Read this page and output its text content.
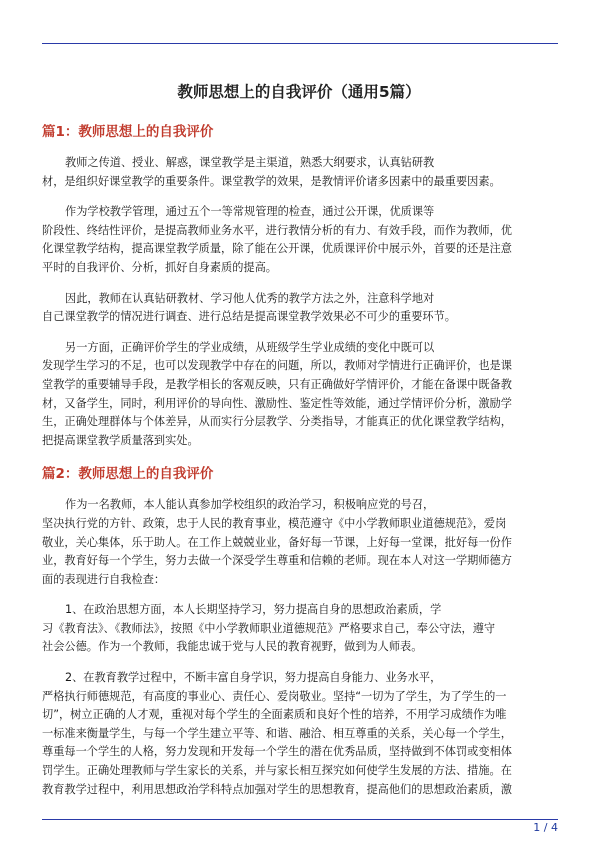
教师思想上的自我评价（通用5篇）
篇1：教师思想上的自我评价

教师之传道、授业、解惑，课堂教学是主渠道，熟悉大纲要求，认真钻研教
材，是组织好课堂教学的重要条件。课堂教学的效果，是教情评价诸多因素中的最重要因素。

作为学校教学管理，通过五个一等常规管理的检查，通过公开课，优质课等
阶段性、终结性评价，是提高教师业务水平，进行教情分析的有力、有效手段，而作为教师，优
化课堂教学结构，提高课堂教学质量，除了能在公开课，优质课评价中展示外，首要的还是注意
平时的自我评价、分析，抓好自身素质的提高。

因此，教师在认真钻研教材、学习他人优秀的教学方法之外，注意科学地对
自己课堂教学的情况进行调查、进行总结是提高课堂教学效果必不可少的重要环节。

另一方面，正确评价学生的学业成绩，从班级学生学业成绩的变化中既可以
发现学生学习的不足，也可以发现教学中存在的问题，所以，教师对学情进行正确评价，也是课
堂教学的重要辅导手段，是教学相长的客观反映，只有正确做好学情评价，才能在备课中既备教
材，又备学生，同时，利用评价的导向性、激励性、鉴定性等效能，通过学情评价分析，激励学
生，正确处理群体与个体差异，从而实行分层教学、分类指导，才能真正的优化课堂教学结构，
把提高课堂教学质量落到实处。

篇2：教师思想上的自我评价

作为一名教师，本人能认真参加学校组织的政治学习，积极响应党的号召，
坚决执行党的方针、政策，忠于人民的教育事业，模范遵守《中小学教师职业道德规范》，爱岗
敬业，关心集体，乐于助人。在工作上兢兢业业，备好每一节课，上好每一堂课，批好每一份作
业，教育好每一个学生，努力去做一个深受学生尊重和信赖的老师。现在本人对这一学期师德方
面的表现进行自我检查：

1、在政治思想方面，本人长期坚持学习，努力提高自身的思想政治素质，学
习《教育法》、《教师法》，按照《中小学教师职业道德规范》严格要求自己，奉公守法，遵守
社会公德。作为一个教师，我能忠诚于党与人民的教育视野，做到为人师表。

2、在教育教学过程中，不断丰富自身学识，努力提高自身能力、业务水平，
严格执行师德规范，有高度的事业心、责任心、爱岗敬业。坚持“一切为了学生，为了学生的一
切”，树立正确的人才观，重视对每个学生的全面素质和良好个性的培养，不用学习成绩作为唯
一标准来衡量学生，与每一个学生建立平等、和谐、融洽、相互尊重的关系，关心每一个学生，
尊重每一个学生的人格，努力发现和开发每一个学生的潜在优秀品质，坚持做到不体罚或变相体
罚学生。正确处理教师与学生家长的关系，并与家长相互探究如何使学生发展的方法、措施。在
教育教学过程中，利用思想政治学科特点加强对学生的思想教育，提高他们的思想政治素质，激

1 / 4
